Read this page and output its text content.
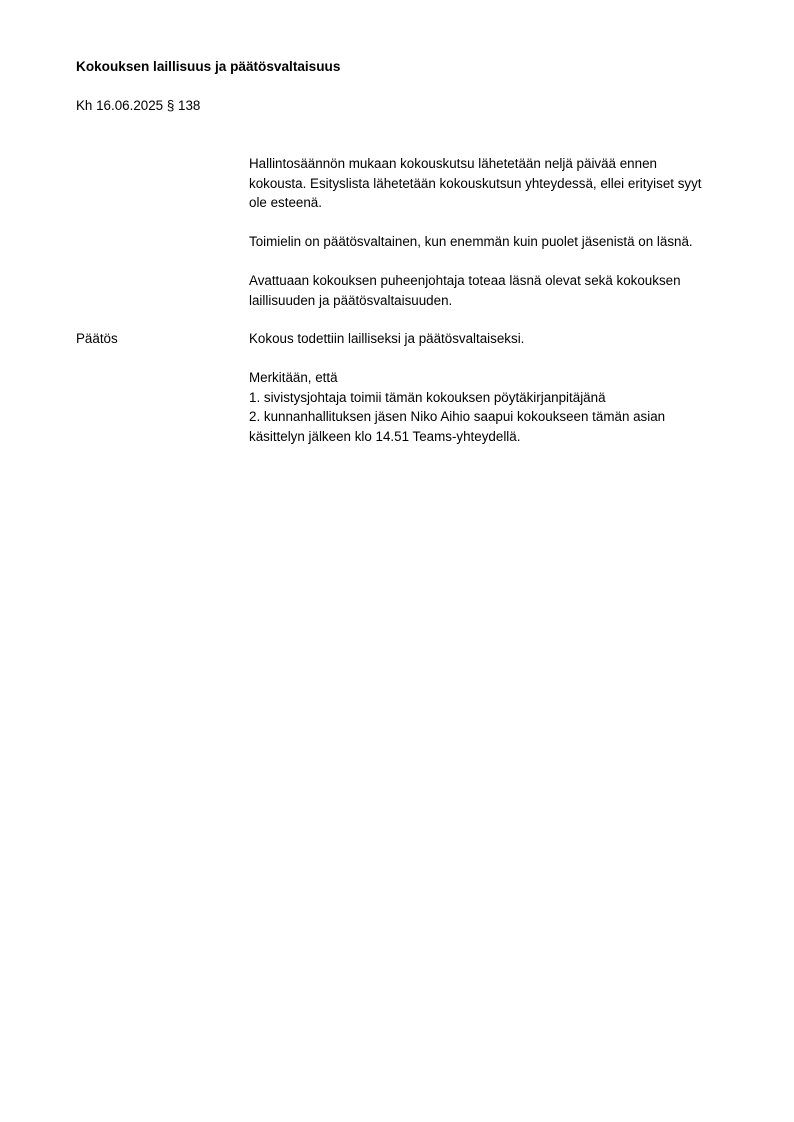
Kokouksen laillisuus ja päätösvaltaisuus
Kh 16.06.2025 § 138
Hallintosäännön mukaan kokouskutsu lähetetään neljä päivää ennen
kokousta. Esityslista lähetetään kokouskutsun yhteydessä, ellei erityiset syyt
ole esteenä.
Toimielin on päätösvaltainen, kun enemmän kuin puolet jäsenistä on läsnä.
Avattuaan kokouksen puheenjohtaja toteaa läsnä olevat sekä kokouksen
laillisuuden ja päätösvaltaisuuden.
Päätös	Kokous todettiin lailliseksi ja päätösvaltaiseksi.
Merkitään, että
1. sivistysjohtaja toimii tämän kokouksen pöytäkirjanpitäjänä
2. kunnanhallituksen jäsen Niko Aihio saapui kokoukseen tämän asian
käsittelyn jälkeen klo 14.51 Teams-yhteydellä.
